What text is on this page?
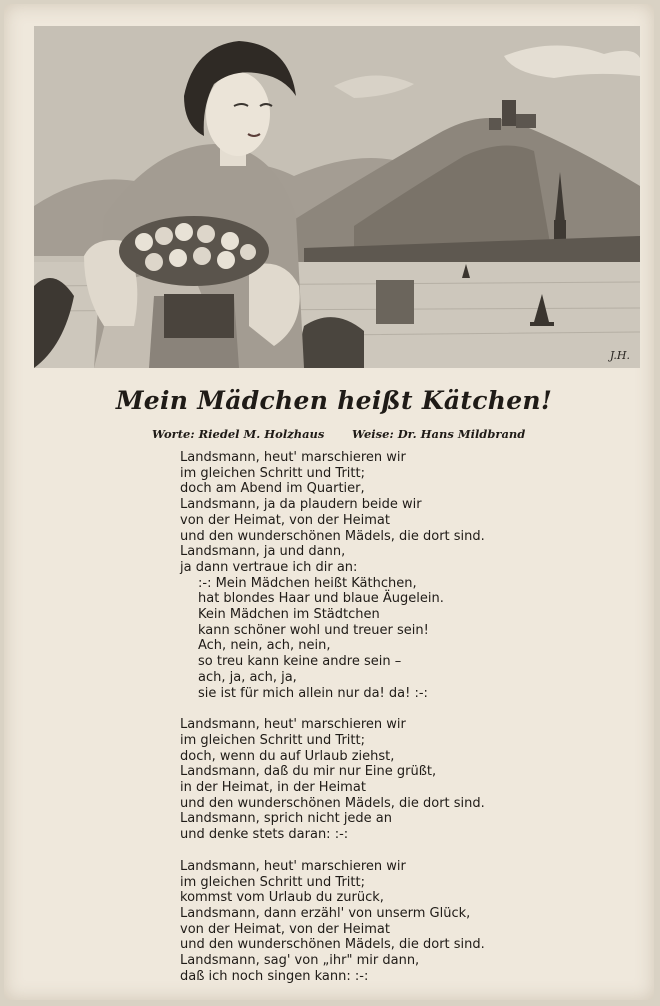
J.H.
Mein Mädchen heißt Kätchen!
Worte: Riedel M. Holzhaus Weise: Dr. Hans Mildbrand
Landsmann, heut' marschieren wir
im gleichen Schritt und Tritt;
doch am Abend im Quartier,
Landsmann, ja da plaudern beide wir
von der Heimat, von der Heimat
und den wunderschönen Mädels, die dort sind.
Landsmann, ja und dann,
ja dann vertraue ich dir an:
:-: Mein Mädchen heißt Käthchen,
hat blondes Haar und blaue Äugelein.
Kein Mädchen im Städtchen
kann schöner wohl und treuer sein!
Ach, nein, ach, nein,
so treu kann keine andre sein –
ach, ja, ach, ja,
sie ist für mich allein nur da! da! :-:
Landsmann, heut' marschieren wir
im gleichen Schritt und Tritt;
doch, wenn du auf Urlaub ziehst,
Landsmann, daß du mir nur Eine grüßt,
in der Heimat, in der Heimat
und den wunderschönen Mädels, die dort sind.
Landsmann, sprich nicht jede an
und denke stets daran: :-:
Landsmann, heut' marschieren wir
im gleichen Schritt und Tritt;
kommst vom Urlaub du zurück,
Landsmann, dann erzähl' von unserm Glück,
von der Heimat, von der Heimat
und den wunderschönen Mädels, die dort sind.
Landsmann, sag' von „ihr" mir dann,
daß ich noch singen kann: :-:
